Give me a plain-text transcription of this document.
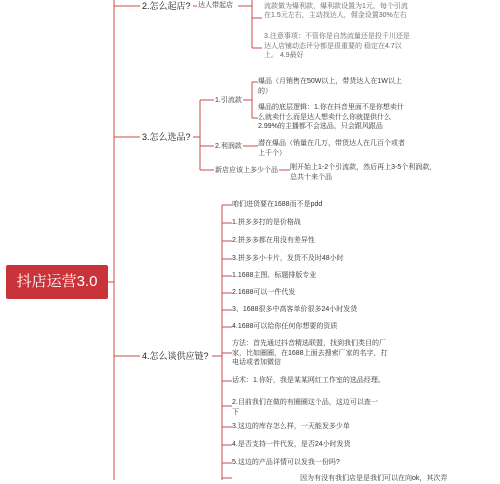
抖店运营3.0
2.怎么起店? 达人带起店	流款做为爆利款，爆利款设置为1元，每个引流在1.5元左右，主动找达人，佣金设置30%左右
3.注意事项：不管你是自然流量还是投千川还是达人店铺动态评分都是很重要的 稳定在4.7以上。 4.9最好
3.怎么选品?
1.引流款
爆品（月销售在50W以上，带货达人在1W以上的）
爆品的底层逻辑：1.你在抖音里面不是你想卖什么就卖什么而是达人想卖什么你就提供什么 2.99%的主播都不会选品，只会跟风跟品
2.利润款 潜在爆品（销量在几万，带货达人在几百个或者上千个）
新店应该上多少个品 刚开始上1-2个引流款，然后再上3-5个利润款，总共十来个品
4.怎么谈供应链?
咱们进货要在1688而不是pdd
1.拼多多打的是价格战
2.拼多多都在用没有差异性
3.拼多多小卡片，发货不及时48小时
1.1688主图、标题排版专业
2.1688可以一件代发
3、1688很多中高客单价很多24小时发货
4.1688可以给你任何你想要的资质
方法：首先通过抖音精选联盟，找到我们类目的厂家，比如圈圈，在1688上面去搜索厂家的名字，打电话或者加微信
话术：1.你好，我是某某网红工作室的选品经理。
2.目前我们在做的有圈圈这个品，这边可以查一下
3.这边的库存怎么样，一天能发多少单
4.是否支持一件代发，是否24小时发货
5.这边的产品详情可以发我一份吗?
因为有没有我们店是是我们可以在向ok，其次弄
